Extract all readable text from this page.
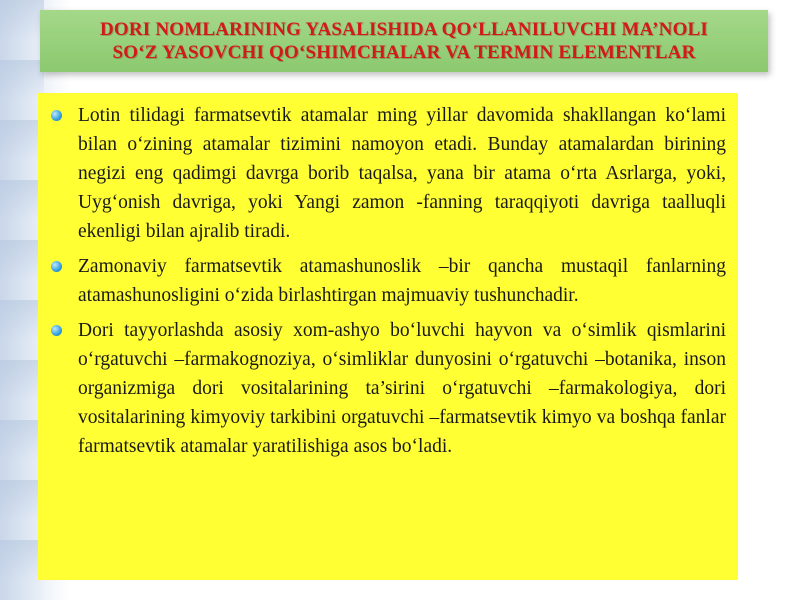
DORI NOMLARINING YASALISHIDA QO‘LLANILUVCHI MA’NOLI
SO‘Z YASOVCHI QO‘SHIMCHALAR VA TERMIN ELEMENTLAR
Lotin tilidagi farmatsevtik atamalar ming yillar davomida shakllangan ko‘lami bilan o‘zining atamalar tizimini namoyon etadi. Bunday atamalardan birining negizi eng qadimgi davrga borib taqalsa, yana bir atama o‘rta Asrlarga, yoki, Uyg‘onish davriga, yoki Yangi zamon -fanning taraqqiyoti davriga taalluqli ekenligi bilan ajralib tiradi.
Zamonaviy farmatsevtik atamashunoslik –bir qancha mustaqil fanlarning atamashunosligini o‘zida birlashtirgan majmuaviy tushunchadir.
Dori tayyorlashda asosiy xom-ashyo bo‘luvchi hayvon va o‘simlik qismlarini o‘rgatuvchi –farmakognoziya, o‘simliklar dunyosini o‘rgatuvchi –botanika, inson organizmiga dori vositalarining ta’sirini o‘rgatuvchi –farmakologiya, dori vositalarining kimyoviy tarkibini orgatuvchi –farmatsevtik kimyo va boshqa fanlar farmatsevtik atamalar yaratilishiga asos bo‘ladi.
